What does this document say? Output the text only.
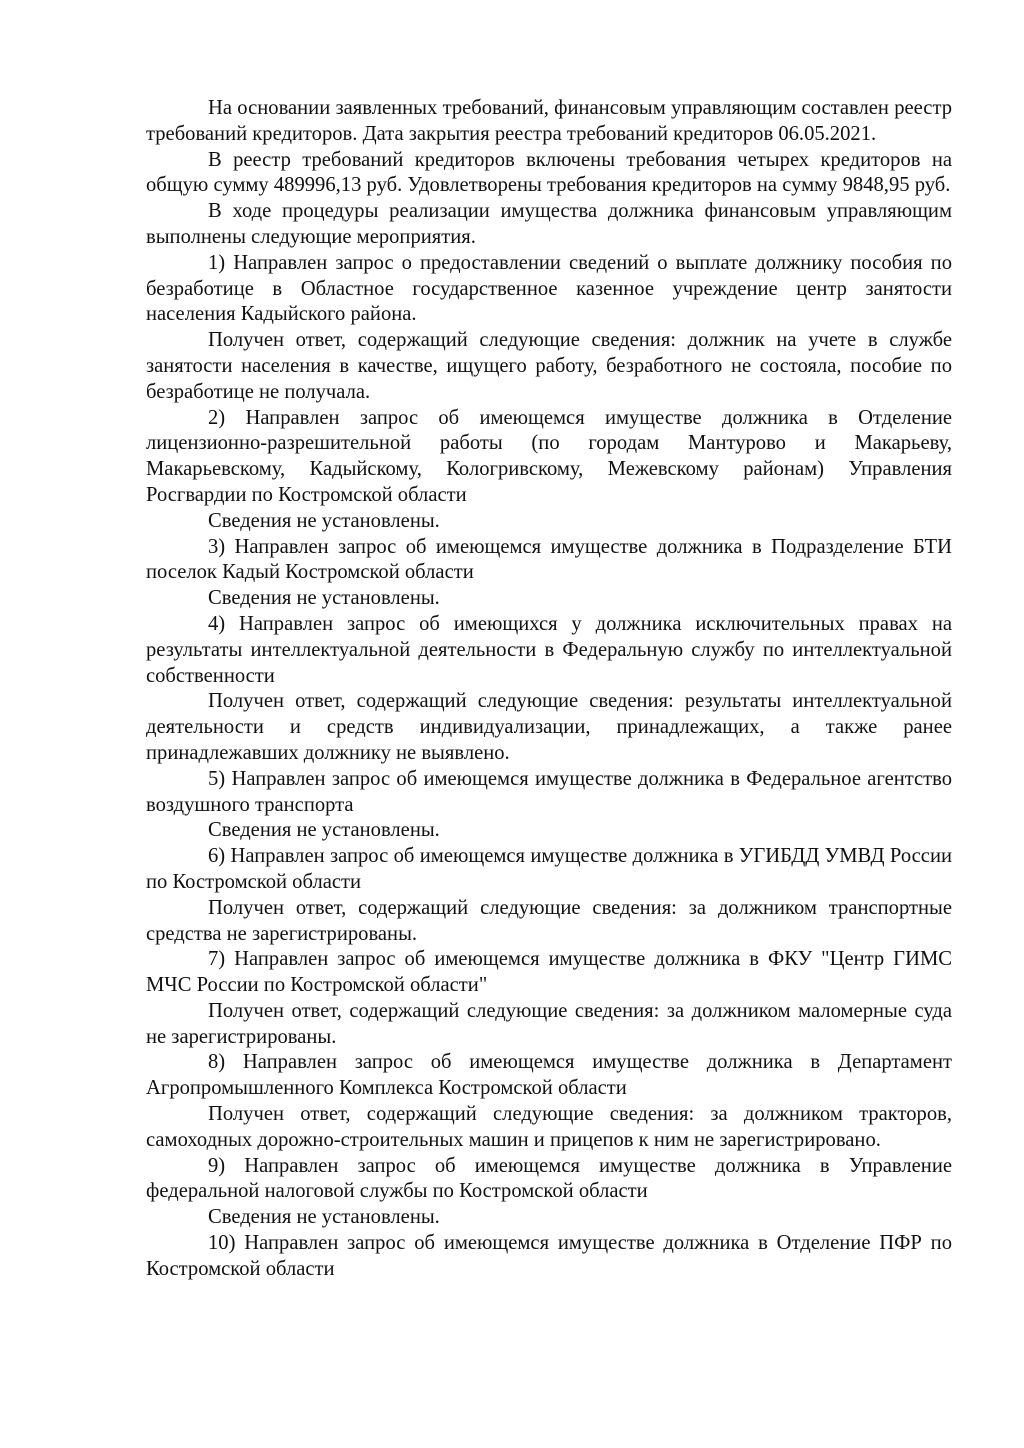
На основании заявленных требований, финансовым управляющим составлен реестр требований кредиторов. Дата закрытия реестра требований кредиторов 06.05.2021.

В реестр требований кредиторов включены требования четырех кредиторов на общую сумму 489996,13 руб. Удовлетворены требования кредиторов на сумму 9848,95 руб.

В ходе процедуры реализации имущества должника финансовым управляющим выполнены следующие мероприятия.

1) Направлен запрос о предоставлении сведений о выплате должнику пособия по безработице в Областное государственное казенное учреждение центр занятости населения Кадыйского района.

Получен ответ, содержащий следующие сведения: должник на учете в службе занятости населения в качестве, ищущего работу, безработного не состояла, пособие по безработице не получала.

2) Направлен запрос об имеющемся имуществе должника в Отделение лицензионно-разрешительной работы (по городам Мантурово и Макарьеву, Макарьевскому, Кадыйскому, Кологривскому, Межевскому районам) Управления Росгвардии по Костромской области

Сведения не установлены.

3) Направлен запрос об имеющемся имуществе должника в Подразделение БТИ поселок Кадый Костромской области

Сведения не установлены.

4) Направлен запрос об имеющихся у должника исключительных правах на результаты интеллектуальной деятельности в Федеральную службу по интеллектуальной собственности

Получен ответ, содержащий следующие сведения: результаты интеллектуальной деятельности и средств индивидуализации, принадлежащих, а также ранее принадлежавших должнику не выявлено.

5) Направлен запрос об имеющемся имуществе должника в Федеральное агентство воздушного транспорта

Сведения не установлены.

6) Направлен запрос об имеющемся имуществе должника в УГИБДД УМВД России по Костромской области

Получен ответ, содержащий следующие сведения: за должником транспортные средства не зарегистрированы.

7) Направлен запрос об имеющемся имуществе должника в ФКУ "Центр ГИМС МЧС России по Костромской области"

Получен ответ, содержащий следующие сведения: за должником маломерные суда не зарегистрированы.

8) Направлен запрос об имеющемся имуществе должника в Департамент Агропромышленного Комплекса Костромской области

Получен ответ, содержащий следующие сведения: за должником тракторов, самоходных дорожно-строительных машин и прицепов к ним не зарегистрировано.

9) Направлен запрос об имеющемся имуществе должника в Управление федеральной налоговой службы по Костромской области

Сведения не установлены.

10) Направлен запрос об имеющемся имуществе должника в Отделение ПФР по Костромской области
